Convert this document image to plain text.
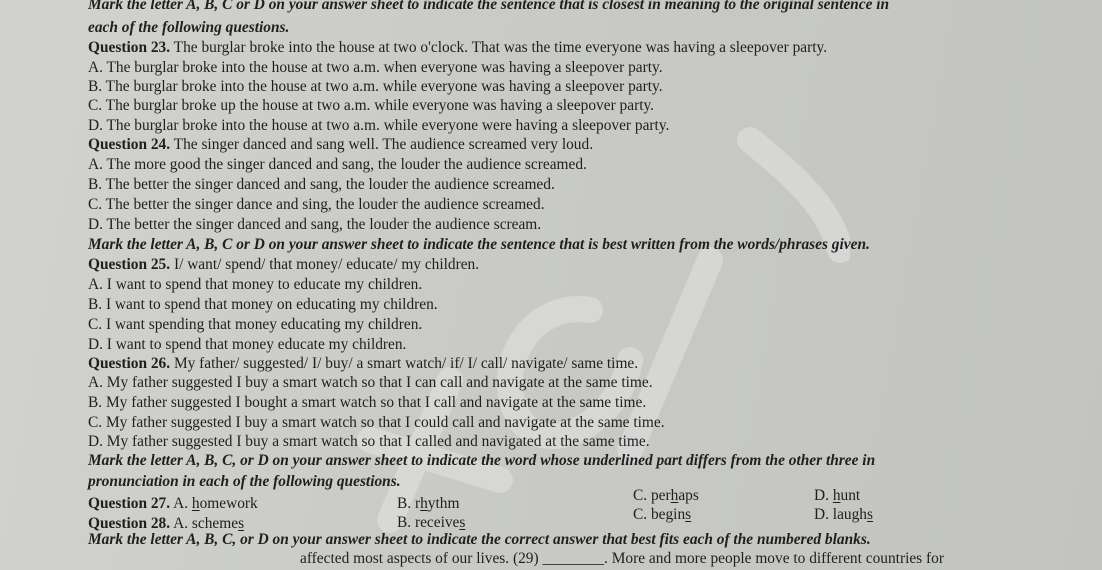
Mark the letter A, B, C or D on your answer sheet to indicate the sentence that is closest in meaning to the original sentence in
each of the following questions.
Question 23. The burglar broke into the house at two o'clock. That was the time everyone was having a sleepover party.
A. The burglar broke into the house at two a.m. when everyone was having a sleepover party.
B. The burglar broke into the house at two a.m. while everyone was having a sleepover party.
C. The burglar broke up the house at two a.m. while everyone was having a sleepover party.
D. The burglar broke into the house at two a.m. while everyone were having a sleepover party.
Question 24. The singer danced and sang well. The audience screamed very loud.
A. The more good the singer danced and sang, the louder the audience screamed.
B. The better the singer danced and sang, the louder the audience screamed.
C. The better the singer dance and sing, the louder the audience screamed.
D. The better the singer danced and sang, the louder the audience scream.
Mark the letter A, B, C or D on your answer sheet to indicate the sentence that is best written from the words/phrases given.
Question 25. I/ want/ spend/ that money/ educate/ my children.
A. I want to spend that money to educate my children.
B. I want to spend that money on educating my children.
C. I want spending that money educating my children.
D. I want to spend that money educate my children.
Question 26. My father/ suggested/ I/ buy/ a smart watch/ if/ I/ call/ navigate/ same time.
A. My father suggested I buy a smart watch so that I can call and navigate at the same time.
B. My father suggested I bought a smart watch so that I call and navigate at the same time.
C. My father suggested I buy a smart watch so that I could call and navigate at the same time.
D. My father suggested I buy a smart watch so that I called and navigated at the same time.
Mark the letter A, B, C, or D on your answer sheet to indicate the word whose underlined part differs from the other three in
pronunciation in each of the following questions.
Question 27. A. homework	B. rhythm	C. perhaps	D. hunt
Question 28. A. schemes	B. receives	C. begins	D. laughs
Mark the letter A, B, C, or D on your answer sheet to indicate the correct answer that best fits each of the numbered blanks.
affected most aspects of our lives. (29) ________. More and more people move to different countries for
